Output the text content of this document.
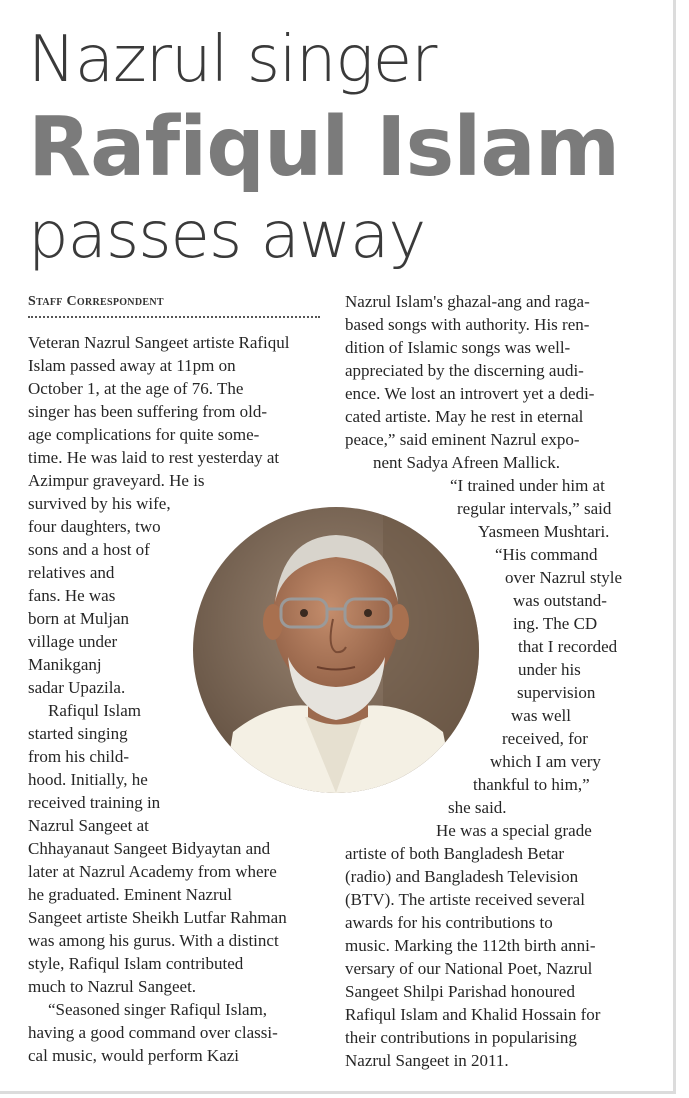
Nazrul singer
Rafiqul Islam
passes away
Staff Correspondent

Veteran Nazrul Sangeet artiste Rafiqul

Islam passed away at 11pm on

October 1, at the age of 76. The

singer has been suffering from old-

age complications for quite some-

time. He was laid to rest yesterday at

Azimpur graveyard. He is

survived by his wife,

four daughters, two

sons and a host of

relatives and

fans. He was

born at Muljan

village under

Manikganj

sadar Upazila.

Rafiqul Islam

started singing

from his child-

hood. Initially, he

received training in

Nazrul Sangeet at

Chhayanaut Sangeet Bidyaytan and

later at Nazrul Academy from where

he graduated. Eminent Nazrul

Sangeet artiste Sheikh Lutfar Rahman

was among his gurus. With a distinct

style, Rafiqul Islam contributed

much to Nazrul Sangeet.

“Seasoned singer Rafiqul Islam,

having a good command over classi-

cal music, would perform Kazi

Nazrul Islam's ghazal-ang and raga-

based songs with authority. His ren-

dition of Islamic songs was well-

appreciated by the discerning audi-

ence. We lost an introvert yet a dedi-

cated artiste. May he rest in eternal

peace,” said eminent Nazrul expo-

nent Sadya Afreen Mallick.

“I trained under him at

regular intervals,” said

Yasmeen Mushtari.

“His command

over Nazrul style

was outstand-

ing. The CD

that I recorded

under his

supervision

was well

received, for

which I am very

thankful to him,”

she said.

He was a special grade

artiste of both Bangladesh Betar

(radio) and Bangladesh Television

(BTV). The artiste received several

awards for his contributions to

music. Marking the 112th birth anni-

versary of our National Poet, Nazrul

Sangeet Shilpi Parishad honoured

Rafiqul Islam and Khalid Hossain for

their contributions in popularising

Nazrul Sangeet in 2011.
